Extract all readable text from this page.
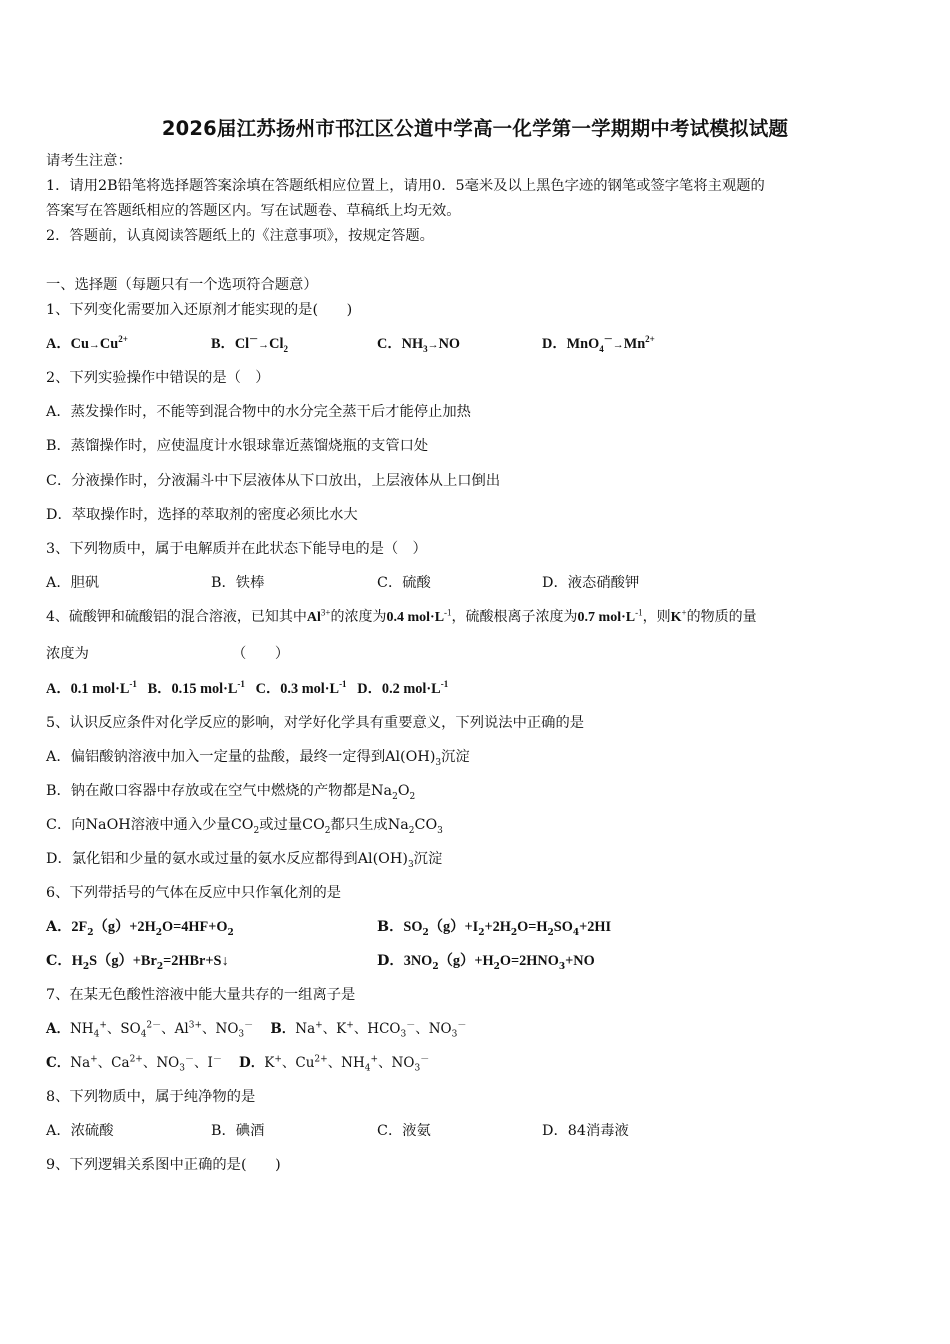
2026届江苏扬州市邗江区公道中学高一化学第一学期期中考试模拟试题
请考生注意：
1．请用2B铅笔将选择题答案涂填在答题纸相应位置上，请用0．5毫米及以上黑色字迹的钢笔或签字笔将主观题的
答案写在答题纸相应的答题区内。写在试题卷、草稿纸上均无效。
2．答题前，认真阅读答题纸上的《注意事项》，按规定答题。
一、选择题（每题只有一个选项符合题意）
1、下列变化需要加入还原剂才能实现的是(　　)
A．$Cu\to Cu^{2+}$	B．$Cl^-\to Cl_2$	C．$NH_3\to NO$	D．$MnO_4^-\to Mn^{2+}$
2、下列实验操作中错误的是（　）
A．蒸发操作时，不能等到混合物中的水分完全蒸干后才能停止加热
B．蒸馏操作时，应使温度计水银球靠近蒸馏烧瓶的支管口处
C．分液操作时，分液漏斗中下层液体从下口放出，上层液体从上口倒出
D．萃取操作时，选择的萃取剂的密度必须比水大
3、下列物质中，属于电解质并在此状态下能导电的是（　）
A．胆矾	B．铁棒	C．硫酸	D．液态硝酸钾
4、硫酸钾和硫酸铝的混合溶液，已知其中$Al^{3+}$的浓度为0.4 $mol\cdot L^{-1}$，硫酸根离子浓度为0.7 $mol\cdot L^{-1}$，则K+的物质的量
浓度为	（　　）
A．0.1 $mol\cdot L^{-1}$ B．0.15 $mol\cdot L^{-1}$ C．0.3 $mol\cdot L^{-1}$ D．0.2 $mol\cdot L^{-1}$
5、认识反应条件对化学反应的影响，对学好化学具有重要意义，下列说法中正确的是
A．偏铝酸钠溶液中加入一定量的盐酸，最终一定得到$Al(OH)_3$沉淀
B．钠在敞口容器中存放或在空气中燃烧的产物都是$Na_2O_2$
C．向NaOH溶液中通入少量$CO_2$或过量$CO_2$都只生成$Na_2CO_3$
D．氯化铝和少量的氨水或过量的氨水反应都得到$Al(OH)_3$沉淀
6、下列带括号的气体在反应中只作氧化剂的是
A．$2F_2(g)+2H_2O=4HF+O_2$	B．$SO_2(g)+I_2+2H_2O=H_2SO_4+2HI$
C．$H_2S(g)+Br_2=2HBr+S↓$	D．$3NO_2(g)+H_2O=2HNO_3+NO$
7、在某无色酸性溶液中能大量共存的一组离子是
A．$NH_4^+$、$SO_4^{2-}$、$Al^{3+}$、$NO_3^-$ B．Na+、K+、$HCO_3^-$、$NO_3^-$
C．Na+、$Ca^{2+}$、$NO_3^-$、I－ D．K+、$Cu^{2+}$、$NH_4^+$、$NO_3^-$
8、下列物质中，属于纯净物的是
A．浓硫酸	B．碘酒	C．液氨	D．84消毒液
9、下列逻辑关系图中正确的是(　　)
